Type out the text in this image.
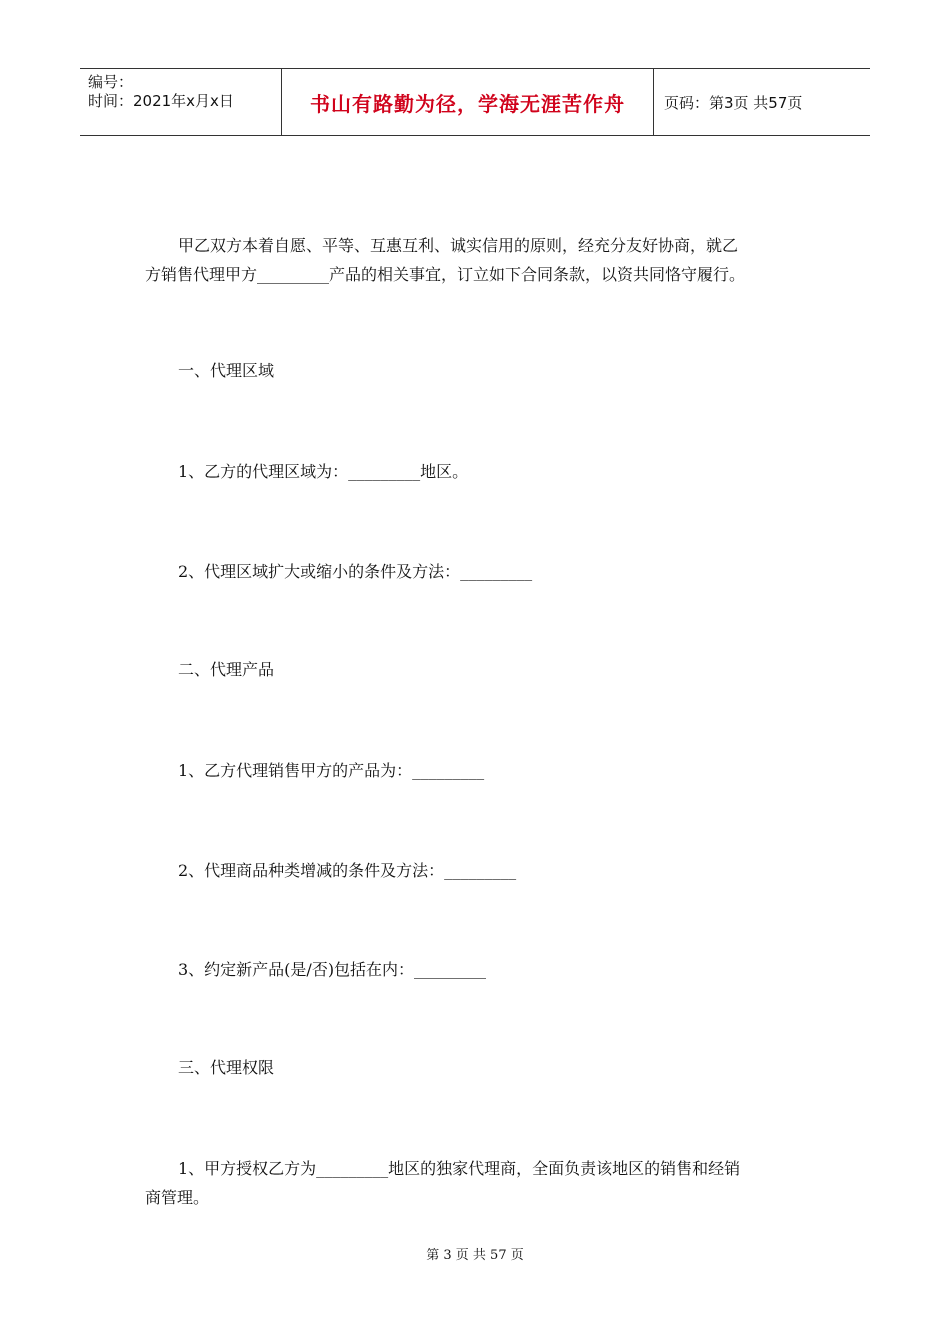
编号：
时间：2021年x月x日	书山有路勤为径，学海无涯苦作舟	页码：第3页 共57页

甲乙双方本着自愿、平等、互惠互利、诚实信用的原则，经充分友好协商，就乙

方销售代理甲方_________产品的相关事宜，订立如下合同条款，以资共同恪守履行。

一、代理区域

1、乙方的代理区域为：_________地区。

2、代理区域扩大或缩小的条件及方法：_________

二、代理产品

1、乙方代理销售甲方的产品为：_________

2、代理商品种类增减的条件及方法：_________

3、约定新产品(是/否)包括在内：_________

三、代理权限

1、甲方授权乙方为_________地区的独家代理商，全面负责该地区的销售和经销

商管理。

第 3 页 共 57 页
